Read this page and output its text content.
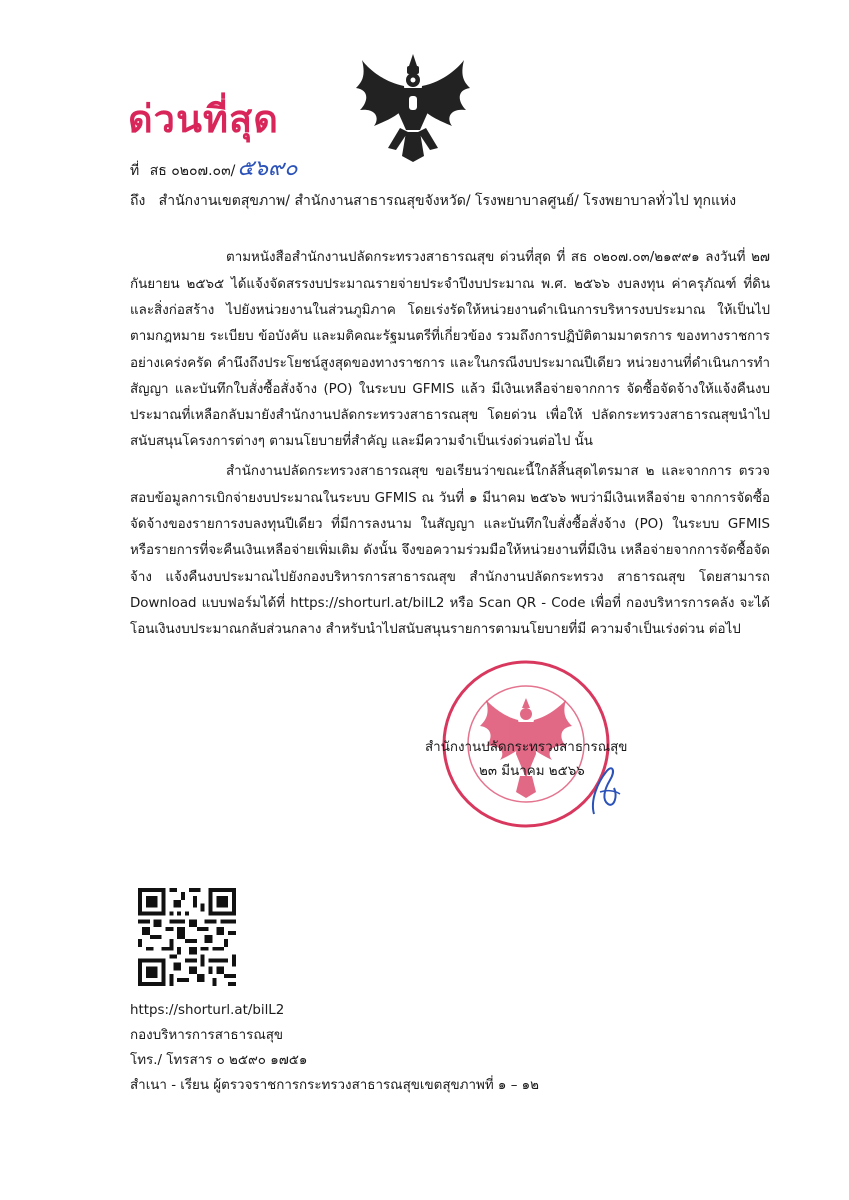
ด่วนที่สุด
ที่ สธ ๐๒๐๗.๐๓/๕๖๙๐
ถึง สำนักงานเขตสุขภาพ/ สำนักงานสาธารณสุขจังหวัด/ โรงพยาบาลศูนย์/ โรงพยาบาลทั่วไป ทุกแห่ง

ตามหนังสือสำนักงานปลัดกระทรวงสาธารณสุข ด่วนที่สุด ที่ สธ ๐๒๐๗.๐๓/๒๑๙๙๑ ลงวันที่ ๒๗ กันยายน ๒๕๖๕ ได้แจ้งจัดสรรงบประมาณรายจ่ายประจำปีงบประมาณ พ.ศ. ๒๕๖๖ งบลงทุน ค่าครุภัณฑ์ ที่ดินและสิ่งก่อสร้าง ไปยังหน่วยงานในส่วนภูมิภาค โดยเร่งรัดให้หน่วยงานดำเนินการบริหารงบประมาณ ให้เป็นไปตามกฎหมาย ระเบียบ ข้อบังคับ และมติคณะรัฐมนตรีที่เกี่ยวข้อง รวมถึงการปฏิบัติตามมาตรการ ของทางราชการอย่างเคร่งครัด คำนึงถึงประโยชน์สูงสุดของทางราชการ และในกรณีงบประมาณปีเดียว หน่วยงานที่ดำเนินการทำสัญญา และบันทึกใบสั่งซื้อสั่งจ้าง (PO) ในระบบ GFMIS แล้ว มีเงินเหลือจ่ายจากการ จัดซื้อจัดจ้างให้แจ้งคืนงบประมาณที่เหลือกลับมายังสำนักงานปลัดกระทรวงสาธารณสุข โดยด่วน เพื่อให้ ปลัดกระทรวงสาธารณสุขนำไปสนับสนุนโครงการต่างๆ ตามนโยบายที่สำคัญ และมีความจำเป็นเร่งด่วนต่อไป นั้น

สำนักงานปลัดกระทรวงสาธารณสุข ขอเรียนว่าขณะนี้ใกล้สิ้นสุดไตรมาส ๒ และจากการ ตรวจสอบข้อมูลการเบิกจ่ายงบประมาณในระบบ GFMIS ณ วันที่ ๑ มีนาคม ๒๕๖๖ พบว่ามีเงินเหลือจ่าย จากการจัดซื้อจัดจ้างของรายการงบลงทุนปีเดียว ที่มีการลงนาม ในสัญญา และบันทึกใบสั่งซื้อสั่งจ้าง (PO) ในระบบ GFMIS หรือรายการที่จะคืนเงินเหลือจ่ายเพิ่มเติม ดังนั้น จึงขอความร่วมมือให้หน่วยงานที่มีเงิน เหลือจ่ายจากการจัดซื้อจัดจ้าง แจ้งคืนงบประมาณไปยังกองบริหารการสาธารณสุข สำนักงานปลัดกระทรวง สาธารณสุข โดยสามารถ Download แบบฟอร์มได้ที่ https://shorturl.at/bilL2 หรือ Scan QR - Code เพื่อที่ กองบริหารการคลัง จะได้โอนเงินงบประมาณกลับส่วนกลาง สำหรับนำไปสนับสนุนรายการตามนโยบายที่มี ความจำเป็นเร่งด่วน ต่อไป

สำนักงานปลัดกระทรวงสาธารณสุข
๒๓ มีนาคม ๒๕๖๖
https://shorturl.at/bilL2
กองบริหารการสาธารณสุข
โทร./ โทรสาร ๐ ๒๕๙๐ ๑๗๕๑
สำเนา - เรียน ผู้ตรวจราชการกระทรวงสาธารณสุขเขตสุขภาพที่ ๑ – ๑๒
